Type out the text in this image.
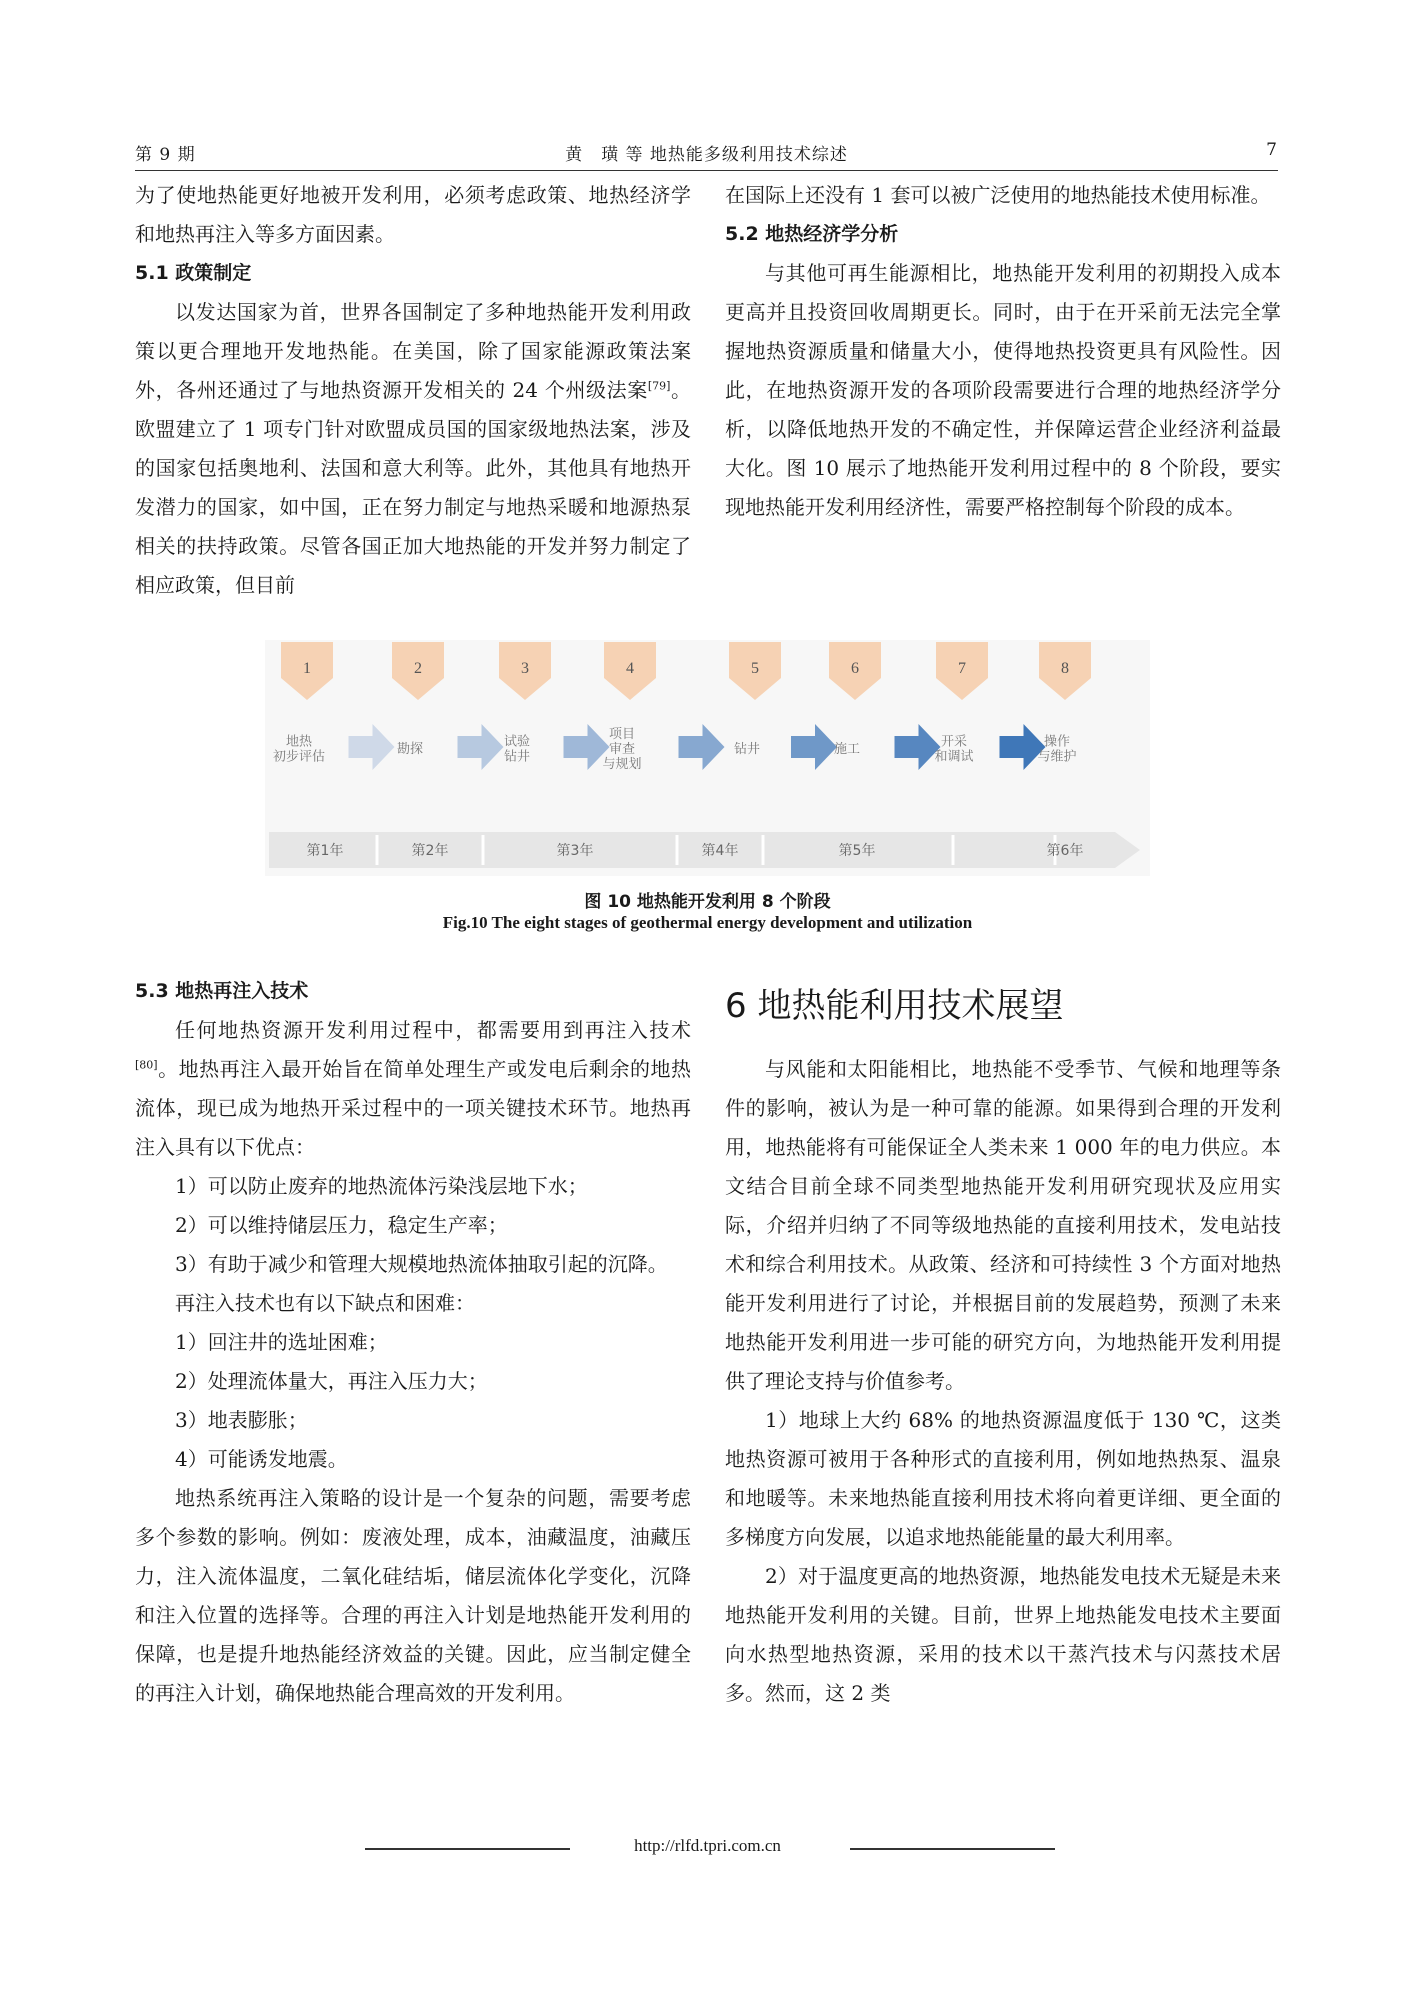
第 9 期	黄　璜 等 地热能多级利用技术综述	7

为了使地热能更好地被开发利用，必须考虑政策、地热经济学和地热再注入等多方面因素。

5.1 政策制定

以发达国家为首，世界各国制定了多种地热能开发利用政策以更合理地开发地热能。在美国，除了国家能源政策法案外，各州还通过了与地热资源开发相关的 24 个州级法案[79]。欧盟建立了 1 项专门针对欧盟成员国的国家级地热法案，涉及的国家包括奥地利、法国和意大利等。此外，其他具有地热开发潜力的国家，如中国，正在努力制定与地热采暖和地源热泵相关的扶持政策。尽管各国正加大地热能的开发并努力制定了相应政策，但目前

在国际上还没有 1 套可以被广泛使用的地热能技术使用标准。

5.2 地热经济学分析

与其他可再生能源相比，地热能开发利用的初期投入成本更高并且投资回收周期更长。同时，由于在开采前无法完全掌握地热资源质量和储量大小，使得地热投资更具有风险性。因此，在地热资源开发的各项阶段需要进行合理的地热经济学分析，以降低地热开发的不确定性，并保障运营企业经济利益最大化。图 10 展示了地热能开发利用过程中的 8 个阶段，要实现地热能开发利用经济性，需要严格控制每个阶段的成本。

1	2	3	4	5	6	7	8
地热
初步评估	勘探	试验
钻井
项目
审查
与规划
钻井	施工	开采
和调试
操作
与维护
第1年	第2年	第3年	第4年	第5年	第6年
图 10 地热能开发利用 8 个阶段
Fig.10 The eight stages of geothermal energy development and utilization
5.3 地热再注入技术

任何地热资源开发利用过程中，都需要用到再注入技术[80]。地热再注入最开始旨在简单处理生产或发电后剩余的地热流体，现已成为地热开采过程中的一项关键技术环节。地热再注入具有以下优点：

1）可以防止废弃的地热流体污染浅层地下水；

2）可以维持储层压力，稳定生产率；

3）有助于减少和管理大规模地热流体抽取引起的沉降。

再注入技术也有以下缺点和困难：

1）回注井的选址困难；

2）处理流体量大，再注入压力大；

3）地表膨胀；

4）可能诱发地震。

地热系统再注入策略的设计是一个复杂的问题，需要考虑多个参数的影响。例如：废液处理，成本，油藏温度，油藏压力，注入流体温度，二氧化硅结垢，储层流体化学变化，沉降和注入位置的选择等。合理的再注入计划是地热能开发利用的保障，也是提升地热能经济效益的关键。因此，应当制定健全的再注入计划，确保地热能合理高效的开发利用。

6 地热能利用技术展望

与风能和太阳能相比，地热能不受季节、气候和地理等条件的影响，被认为是一种可靠的能源。如果得到合理的开发利用，地热能将有可能保证全人类未来 1 000 年的电力供应。本文结合目前全球不同类型地热能开发利用研究现状及应用实际，介绍并归纳了不同等级地热能的直接利用技术，发电站技术和综合利用技术。从政策、经济和可持续性 3 个方面对地热能开发利用进行了讨论，并根据目前的发展趋势，预测了未来地热能开发利用进一步可能的研究方向，为地热能开发利用提供了理论支持与价值参考。

1）地球上大约 68% 的地热资源温度低于 130 ℃，这类地热资源可被用于各种形式的直接利用，例如地热热泵、温泉和地暖等。未来地热能直接利用技术将向着更详细、更全面的多梯度方向发展，以追求地热能能量的最大利用率。

2）对于温度更高的地热资源，地热能发电技术无疑是未来地热能开发利用的关键。目前，世界上地热能发电技术主要面向水热型地热资源，采用的技术以干蒸汽技术与闪蒸技术居多。然而，这 2 类

http://rlfd.tpri.com.cn
